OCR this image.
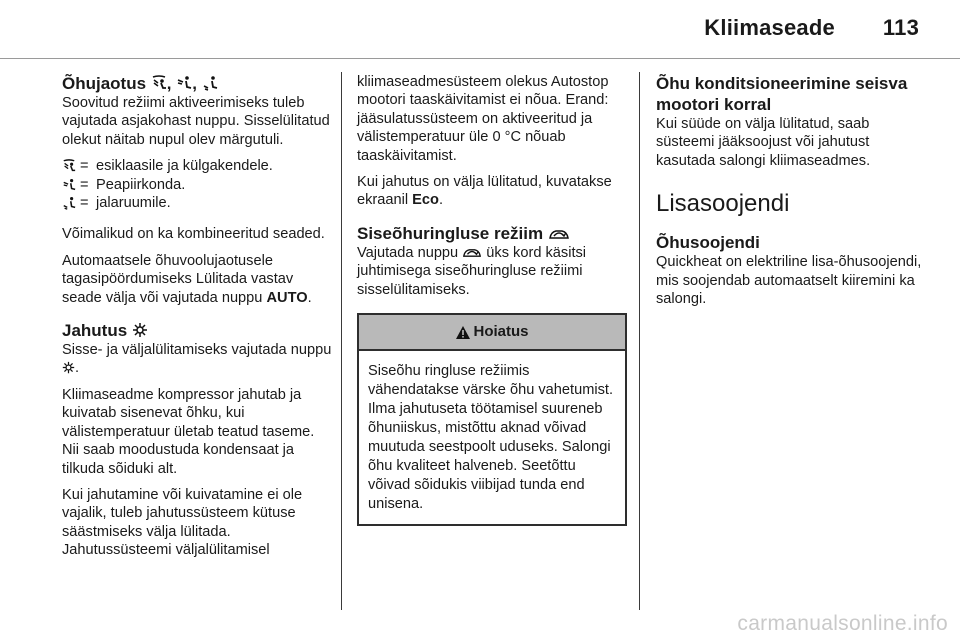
Kliimaseade 113
Õhujaotus , ,

Soovitud režiimi aktiveerimiseks tuleb vajutada asjakohast nuppu. Sisselülitatud olekut näitab nupul olev märgutuli.

= esiklaasile ja külgakendele.
= Peapiirkonda.
= jalaruumile.

Võimalikud on ka kombineeritud seaded.

Automaatsele õhuvoolujaotusele tagasipöördumiseks Lülitada vastav seade välja või vajutada nuppu AUTO.

Jahutus

Sisse- ja väljalülitamiseks vajutada nuppu .

Kliimaseadme kompressor jahutab ja kuivatab sisenevat õhku, kui välistemperatuur ületab teatud taseme. Nii saab moodustuda kondensaat ja tilkuda sõiduki alt.

Kui jahutamine või kuivatamine ei ole vajalik, tuleb jahutussüsteem kütuse säästmiseks välja lülitada. Jahutussüsteemi väljalülitamisel

kliimaseadmesüsteem olekus Autostop mootori taaskäivitamist ei nõua. Erand: jääsulatussüsteem on aktiveeritud ja välistemperatuur üle 0 °C nõuab taaskäivitamist.

Kui jahutus on välja lülitatud, kuvatakse ekraanil Eco.

Siseõhuringluse režiim

Vajutada nuppu üks kord käsitsi juhtimisega siseõhuringluse režiimi sisselülitamiseks.

Hoiatus
Siseõhu ringluse režiimis vähendatakse värske õhu vahetumist. Ilma jahutuseta töötamisel suureneb õhuniiskus, mistõttu aknad võivad muutuda seestpoolt uduseks. Salongi õhu kvaliteet halveneb. Seetõttu võivad sõidukis viibijad tunda end unisena.
Õhu konditsioneerimine seisva mootori korral

Kui süüde on välja lülitatud, saab süsteemi jääksoojust või jahutust kasutada salongi kliimaseadmes.

Lisasoojendi
Õhusoojendi

Quickheat on elektriline lisa-õhusoojendi, mis soojendab automaatselt kiiremini ka salongi.

carmanualsonline.info
